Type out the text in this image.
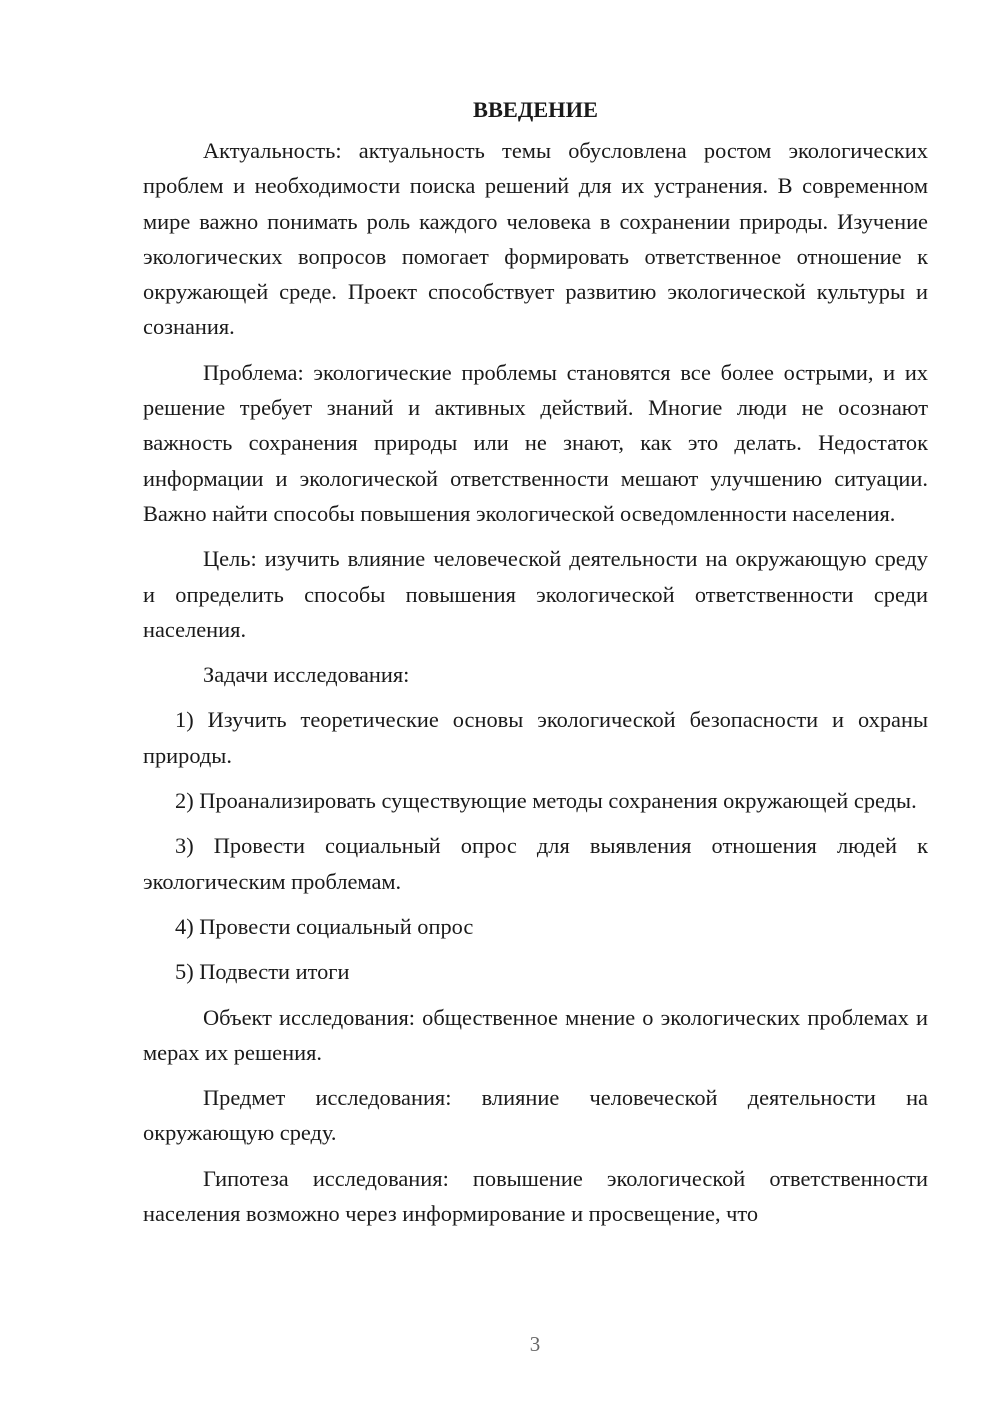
ВВЕДЕНИЕ

Актуальность: актуальность темы обусловлена ростом экологических проблем и необходимости поиска решений для их устранения. В современном мире важно понимать роль каждого человека в сохранении природы. Изучение экологических вопросов помогает формировать ответственное отношение к окружающей среде. Проект способствует развитию экологической культуры и сознания.

Проблема: экологические проблемы становятся все более острыми, и их решение требует знаний и активных действий. Многие люди не осознают важность сохранения природы или не знают, как это делать. Недостаток информации и экологической ответственности мешают улучшению ситуации. Важно найти способы повышения экологической осведомленности населения.

Цель: изучить влияние человеческой деятельности на окружающую среду и определить способы повышения экологической ответственности среди населения.

Задачи исследования:

1) Изучить теоретические основы экологической безопасности и охраны природы.

2) Проанализировать существующие методы сохранения окружающей среды.

3) Провести социальный опрос для выявления отношения людей к экологическим проблемам.

4) Провести социальный опрос

5) Подвести итоги

Объект исследования: общественное мнение о экологических проблемах и мерах их решения.

Предмет исследования: влияние человеческой деятельности на окружающую среду.

Гипотеза исследования: повышение экологической ответственности населения возможно через информирование и просвещение, что

3
